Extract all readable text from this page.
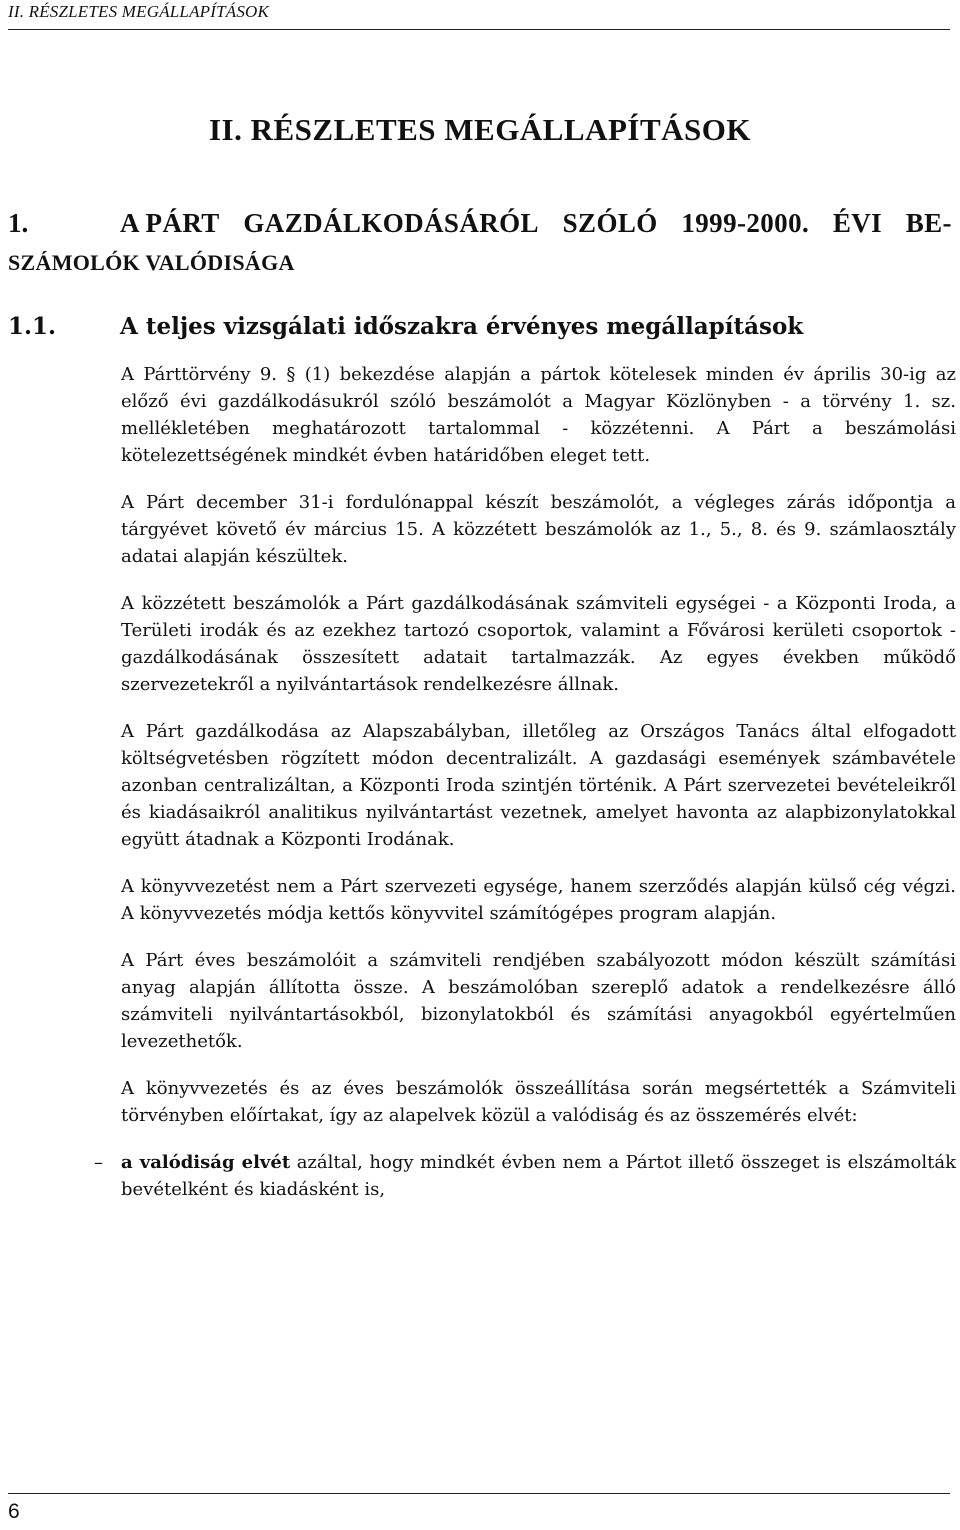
II. RÉSZLETES MEGÁLLAPÍTÁSOK
II. RÉSZLETES MEGÁLLAPÍTÁSOK
1.	A PÁRT GAZDÁLKODÁSÁRÓL SZÓLÓ 1999-2000. ÉVI BE-
SZÁMOLÓK VALÓDISÁGA
1.1.	A teljes vizsgálati időszakra érvényes megállapítások

A Párttörvény 9. § (1) bekezdése alapján a pártok kötelesek minden év április 30-ig az előző évi gazdálkodásukról szóló beszámolót a Magyar Közlönyben - a törvény 1. sz. mellékletében meghatározott tartalommal - közzétenni. A Párt a beszámolási kötelezettségének mindkét évben határidőben eleget tett.

A Párt december 31-i fordulónappal készít beszámolót, a végleges zárás időpontja a tárgyévet követő év március 15. A közzétett beszámolók az 1., 5., 8. és 9. számlaosztály adatai alapján készültek.

A közzétett beszámolók a Párt gazdálkodásának számviteli egységei - a Központi Iroda, a Területi irodák és az ezekhez tartozó csoportok, valamint a Fővárosi kerületi csoportok - gazdálkodásának összesített adatait tartalmazzák. Az egyes években működő szervezetekről a nyilvántartások rendelkezésre állnak.

A Párt gazdálkodása az Alapszabályban, illetőleg az Országos Tanács által elfogadott költségvetésben rögzített módon decentralizált. A gazdasági események számbavétele azonban centralizáltan, a Központi Iroda szintjén történik. A Párt szervezetei bevételeikről és kiadásaikról analitikus nyilvántartást vezetnek, amelyet havonta az alapbizonylatokkal együtt átadnak a Központi Irodának.

A könyvvezetést nem a Párt szervezeti egysége, hanem szerződés alapján külső cég végzi. A könyvvezetés módja kettős könyvvitel számítógépes program alapján.

A Párt éves beszámolóit a számviteli rendjében szabályozott módon készült számítási anyag alapján állította össze. A beszámolóban szereplő adatok a rendelkezésre álló számviteli nyilvántartásokból, bizonylatokból és számítási anyagokból egyértelműen levezethetők.

A könyvvezetés és az éves beszámolók összeállítása során megsértették a Számviteli törvényben előírtakat, így az alapelvek közül a valódiság és az összemérés elvét:

–	a valódiság elvét azáltal, hogy mindkét évben nem a Pártot illető összeget is elszámolták bevételként és kiadásként is,
6
